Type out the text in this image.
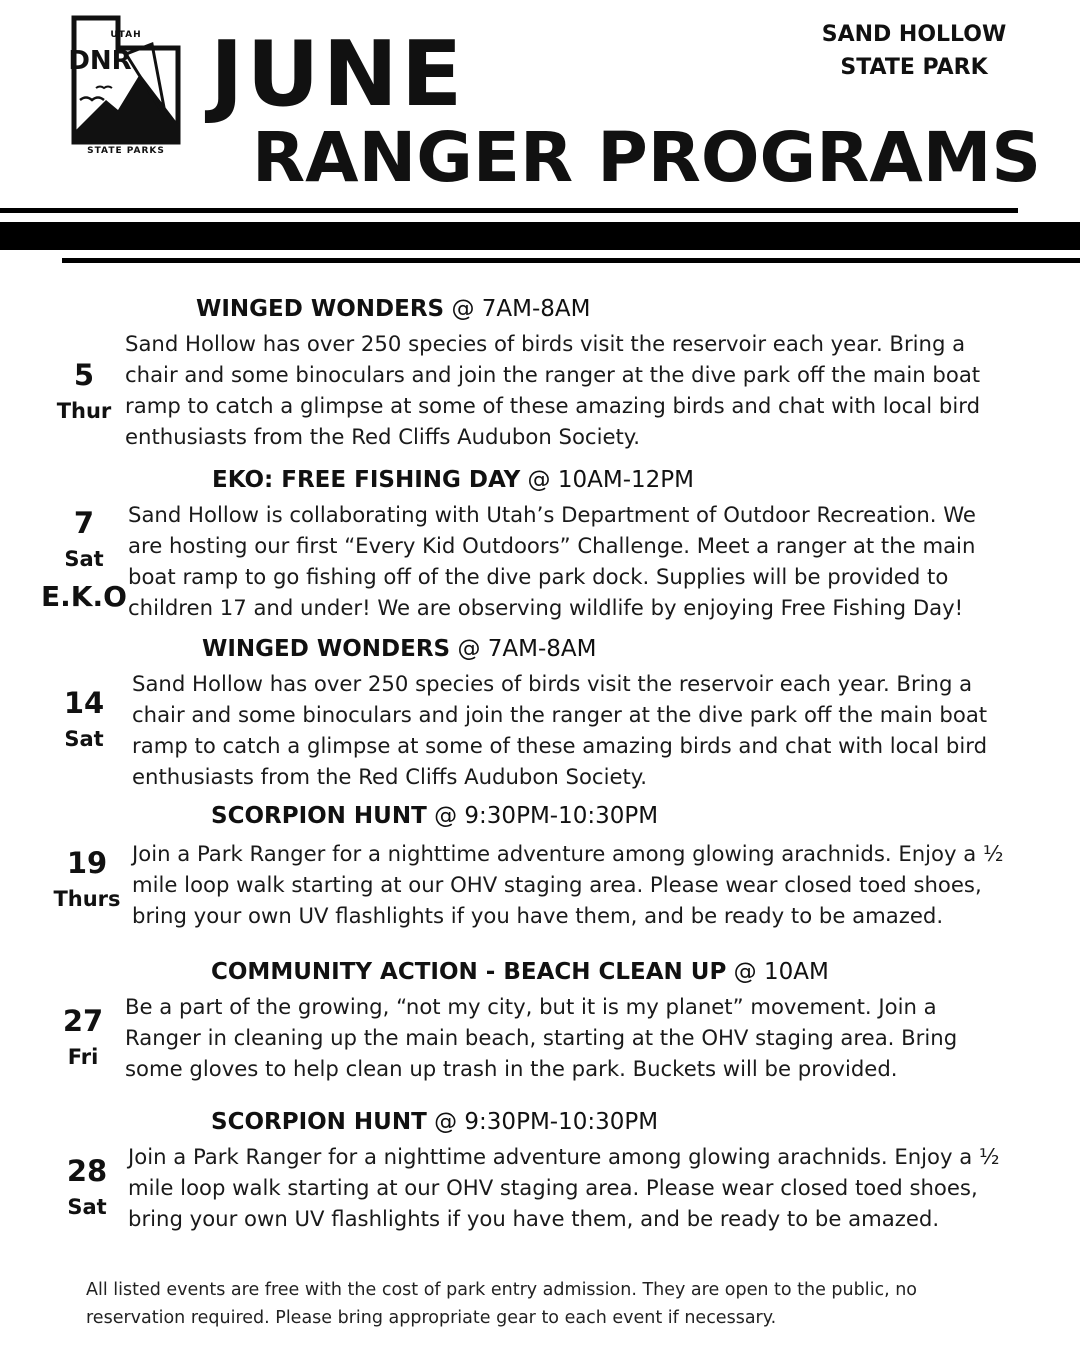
UTAH
DNR
STATE PARKS
JUNE
RANGER PROGRAMS
SAND HOLLOW
STATE PARK
WINGED WONDERS @ 7AM-8AM
5
Thur
Sand Hollow has over 250 species of birds visit the reservoir each year. Bring a
chair and some binoculars and join the ranger at the dive park off the main boat
ramp to catch a glimpse at some of these amazing birds and chat with local bird
enthusiasts from the Red Cliffs Audubon Society.
EKO: FREE FISHING DAY @ 10AM-12PM
7
Sat
E.K.O
Sand Hollow is collaborating with Utah’s Department of Outdoor Recreation. We
are hosting our first “Every Kid Outdoors” Challenge. Meet a ranger at the main
boat ramp to go fishing off of the dive park dock. Supplies will be provided to
children 17 and under! We are observing wildlife by enjoying Free Fishing Day!
WINGED WONDERS @ 7AM-8AM
14
Sat
Sand Hollow has over 250 species of birds visit the reservoir each year. Bring a
chair and some binoculars and join the ranger at the dive park off the main boat
ramp to catch a glimpse at some of these amazing birds and chat with local bird
enthusiasts from the Red Cliffs Audubon Society.
SCORPION HUNT @ 9:30PM-10:30PM
19
Thurs
Join a Park Ranger for a nighttime adventure among glowing arachnids. Enjoy a ½
mile loop walk starting at our OHV staging area. Please wear closed toed shoes,
bring your own UV flashlights if you have them, and be ready to be amazed.
COMMUNITY ACTION - BEACH CLEAN UP @ 10AM
27
Fri
Be a part of the growing, “not my city, but it is my planet” movement. Join a
Ranger in cleaning up the main beach, starting at the OHV staging area. Bring
some gloves to help clean up trash in the park. Buckets will be provided.
SCORPION HUNT @ 9:30PM-10:30PM
28
Sat
Join a Park Ranger for a nighttime adventure among glowing arachnids. Enjoy a ½
mile loop walk starting at our OHV staging area. Please wear closed toed shoes,
bring your own UV flashlights if you have them, and be ready to be amazed.
All listed events are free with the cost of park entry admission. They are open to the public, no
reservation required. Please bring appropriate gear to each event if necessary.
